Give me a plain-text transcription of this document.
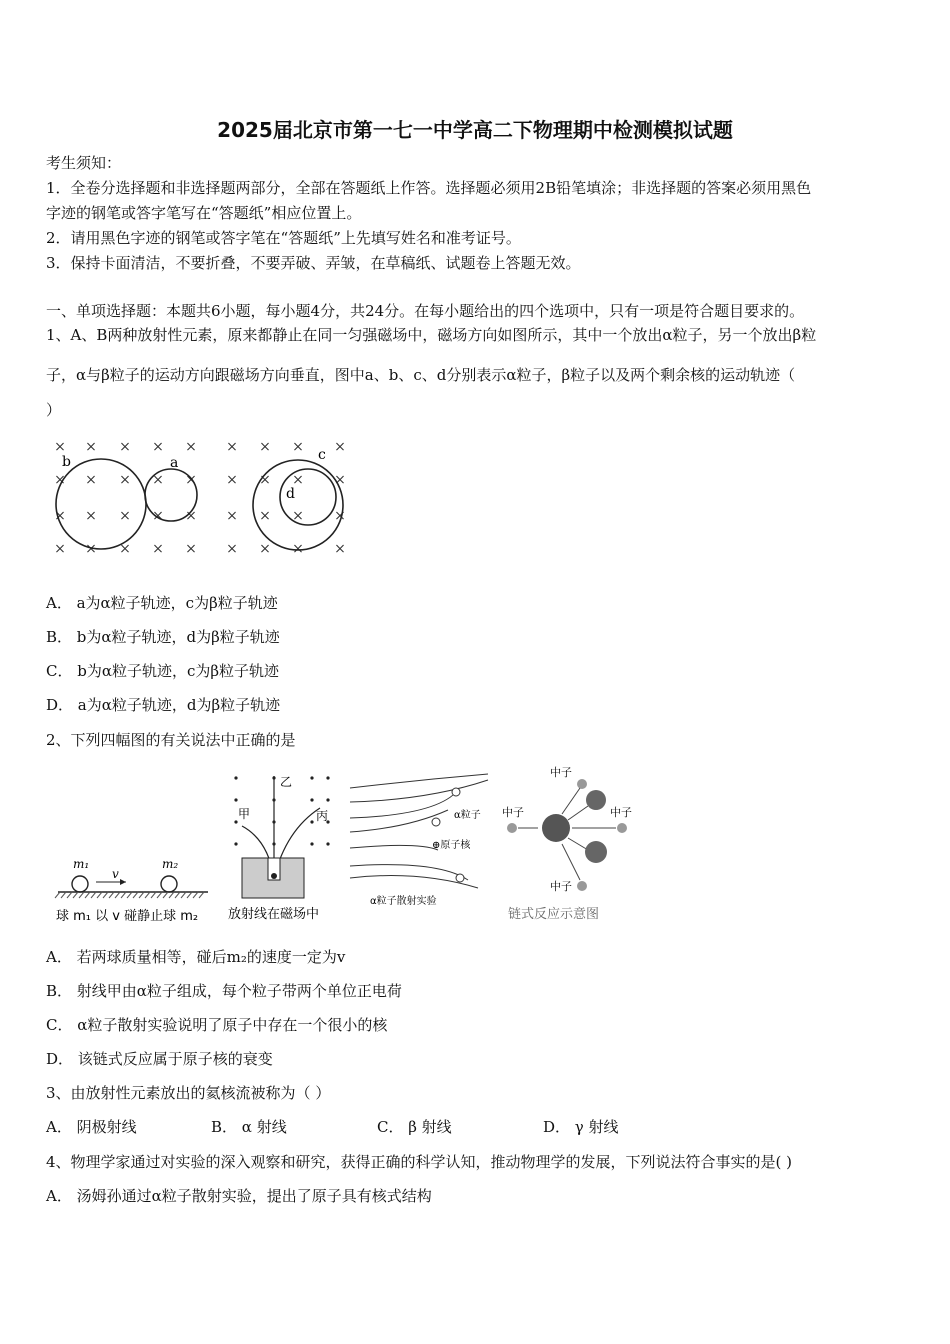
2025届北京市第一七一中学高二下物理期中检测模拟试题
考生须知：
1．全卷分选择题和非选择题两部分，全部在答题纸上作答。选择题必须用2B铅笔填涂；非选择题的答案必须用黑色
字迹的钢笔或答字笔写在“答题纸”相应位置上。
2．请用黑色字迹的钢笔或答字笔在“答题纸”上先填写姓名和准考证号。
3．保持卡面清洁，不要折叠，不要弄破、弄皱，在草稿纸、试题卷上答题无效。
一、单项选择题：本题共6小题，每小题4分，共24分。在每小题给出的四个选项中，只有一项是符合题目要求的。
1、A、B两种放射性元素，原来都静止在同一匀强磁场中，磁场方向如图所示，其中一个放出α粒子，另一个放出β粒
子，α与β粒子的运动方向跟磁场方向垂直，图中a、b、c、d分别表示α粒子，β粒子以及两个剩余核的运动轨迹（
）
×
×
×
×
×
×
×
×
×
×
×
×
×
×
×
×
×
×
×
×
×
×
×
×
×
×
×
×
×
×
×
×
×
×
×
×
b	a	c
d
A． a为α粒子轨迹，c为β粒子轨迹
B． b为α粒子轨迹，d为β粒子轨迹
C． b为α粒子轨迹，c为β粒子轨迹
D． a为α粒子轨迹，d为β粒子轨迹
2、下列四幅图的有关说法中正确的是
m₁
v
m₂
球 m₁ 以 v 碰静止球 m₂
乙
甲	丙
放射线在磁场中
α粒子
⊕原子核
α粒子散射实验
中子
中子	中子
中子
链式反应示意图
A． 若两球质量相等，碰后m₂的速度一定为v
B． 射线甲由α粒子组成，每个粒子带两个单位正电荷
C． α粒子散射实验说明了原子中存在一个很小的核
D． 该链式反应属于原子核的衰变
3、由放射性元素放出的氦核流被称为（ ）
A． 阴极射线	B． α 射线	C． β 射线	D． γ 射线
4、物理学家通过对实验的深入观察和研究，获得正确的科学认知，推动物理学的发展，下列说法符合事实的是( )
A． 汤姆孙通过α粒子散射实验，提出了原子具有核式结构
